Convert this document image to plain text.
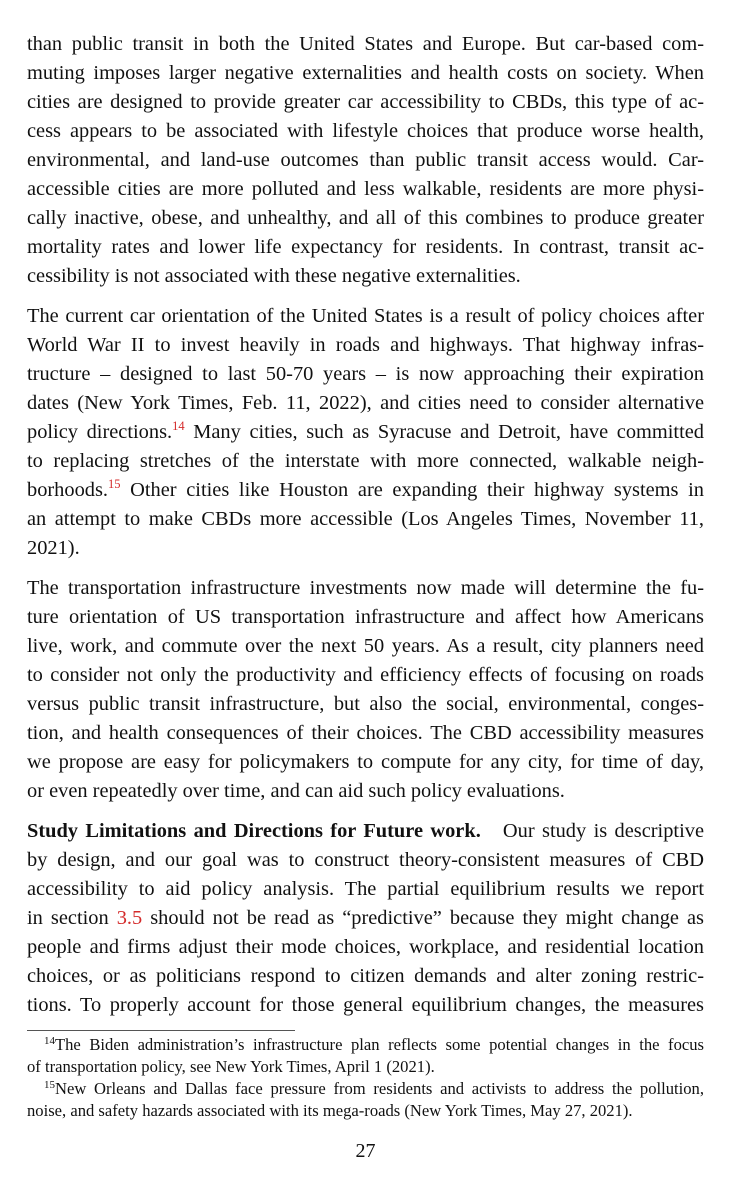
than public transit in both the United States and Europe. But car-based com-
muting imposes larger negative externalities and health costs on society. When
cities are designed to provide greater car accessibility to CBDs, this type of ac-
cess appears to be associated with lifestyle choices that produce worse health,
environmental, and land-use outcomes than public transit access would. Car-
accessible cities are more polluted and less walkable, residents are more physi-
cally inactive, obese, and unhealthy, and all of this combines to produce greater
mortality rates and lower life expectancy for residents. In contrast, transit ac-
cessibility is not associated with these negative externalities.
The current car orientation of the United States is a result of policy choices after
World War II to invest heavily in roads and highways. That highway infras-
tructure – designed to last 50-70 years – is now approaching their expiration
dates (New York Times, Feb. 11, 2022), and cities need to consider alternative
policy directions.$^{14}$ Many cities, such as Syracuse and Detroit, have committed
to replacing stretches of the interstate with more connected, walkable neigh-
borhoods.$^{15}$ Other cities like Houston are expanding their highway systems in
an attempt to make CBDs more accessible (Los Angeles Times, November 11,
2021).
The transportation infrastructure investments now made will determine the fu-
ture orientation of US transportation infrastructure and affect how Americans
live, work, and commute over the next 50 years. As a result, city planners need
to consider not only the productivity and efficiency effects of focusing on roads
versus public transit infrastructure, but also the social, environmental, conges-
tion, and health consequences of their choices. The CBD accessibility measures
we propose are easy for policymakers to compute for any city, for time of day,
or even repeatedly over time, and can aid such policy evaluations.
Study Limitations and Directions for Future work. Our study is descriptive
by design, and our goal was to construct theory-consistent measures of CBD
accessibility to aid policy analysis. The partial equilibrium results we report
in section 3.5 should not be read as “predictive” because they might change as
people and firms adjust their mode choices, workplace, and residential location
choices, or as politicians respond to citizen demands and alter zoning restric-
tions. To properly account for those general equilibrium changes, the measures
$^{14}$The Biden administration’s infrastructure plan reflects some potential changes in the focus
of transportation policy, see New York Times, April 1 (2021).
$^{15}$New Orleans and Dallas face pressure from residents and activists to address the pollution,
noise, and safety hazards associated with its mega-roads (New York Times, May 27, 2021).
27
